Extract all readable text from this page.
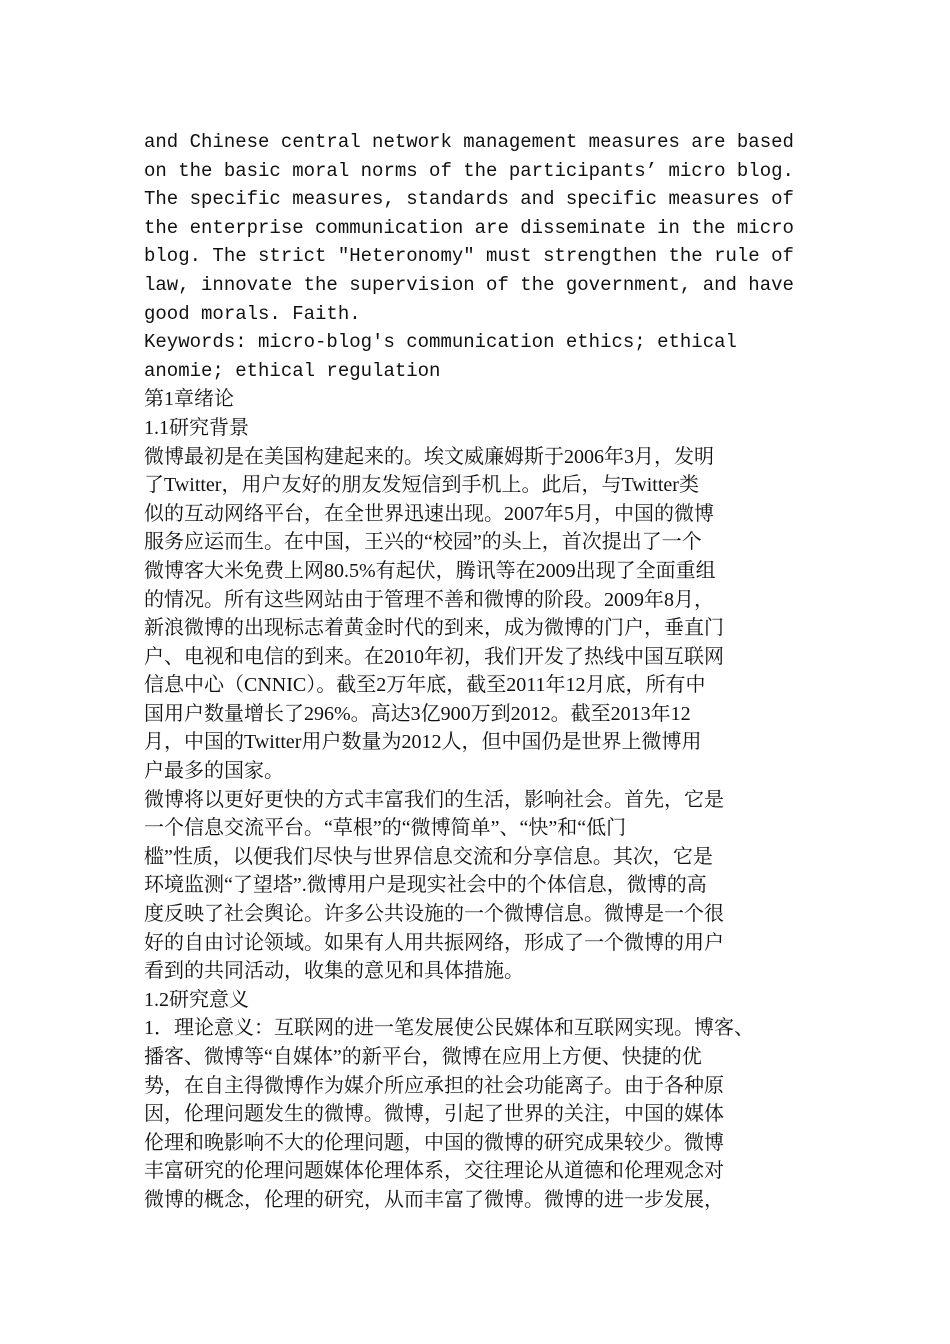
and Chinese central network management measures are based
on the basic moral norms of the participants’ micro blog.
The specific measures, standards and specific measures of
the enterprise communication are disseminate in the micro
blog. The strict "Heteronomy" must strengthen the rule of
law, innovate the supervision of the government, and have
good morals. Faith.
Keywords: micro-blog's communication ethics; ethical
anomie; ethical regulation
第1章绪论
1.1研究背景
微博最初是在美国构建起来的。埃文威廉姆斯于2006年3月，发明
了Twitter，用户友好的朋友发短信到手机上。此后，与Twitter类
似的互动网络平台，在全世界迅速出现。2007年5月，中国的微博
服务应运而生。在中国，王兴的“校园”的头上，首次提出了一个
微博客大米免费上网80.5%有起伏，腾讯等在2009出现了全面重组
的情况。所有这些网站由于管理不善和微博的阶段。2009年8月，
新浪微博的出现标志着黄金时代的到来，成为微博的门户，垂直门
户、电视和电信的到来。在2010年初，我们开发了热线中国互联网
信息中心（CNNIC）。截至2万年底，截至2011年12月底，所有中
国用户数量增长了296%。高达3亿900万到2012。截至2013年12
月，中国的Twitter用户数量为2012人，但中国仍是世界上微博用
户最多的国家。
微博将以更好更快的方式丰富我们的生活，影响社会。首先，它是
一个信息交流平台。“草根”的“微博简单”、“快”和“低门
槛”性质，以便我们尽快与世界信息交流和分享信息。其次，它是
环境监测“了望塔”.微博用户是现实社会中的个体信息，微博的高
度反映了社会舆论。许多公共设施的一个微博信息。微博是一个很
好的自由讨论领域。如果有人用共振网络，形成了一个微博的用户
看到的共同活动，收集的意见和具体措施。
1.2研究意义
1．理论意义：互联网的进一笔发展使公民媒体和互联网实现。博客、
播客、微博等“自媒体”的新平台，微博在应用上方便、快捷的优
势，在自主得微博作为媒介所应承担的社会功能离子。由于各种原
因，伦理问题发生的微博。微博，引起了世界的关注，中国的媒体
伦理和晚影响不大的伦理问题，中国的微博的研究成果较少。微博
丰富研究的伦理问题媒体伦理体系，交往理论从道德和伦理观念对
微博的概念，伦理的研究，从而丰富了微博。微博的进一步发展，
